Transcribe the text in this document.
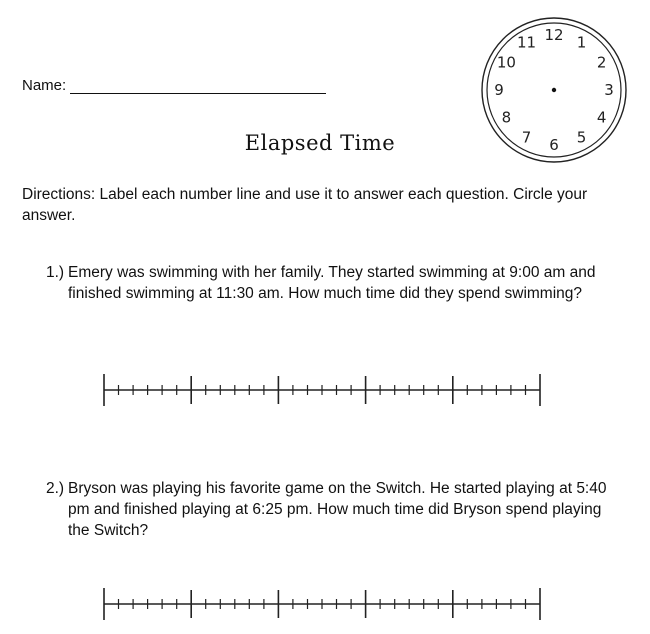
Name:
12 1
2
3
4
5
6
7
8
9
10
11
Elapsed Time
Directions: Label each number line and use it to answer each question. Circle your answer.
1.) Emery was swimming with her family. They started swimming at 9:00 am and finished swimming at 11:30 am. How much time did they spend swimming?
2.) Bryson was playing his favorite game on the Switch. He started playing at 5:40 pm and finished playing at 6:25 pm. How much time did Bryson spend playing the Switch?
